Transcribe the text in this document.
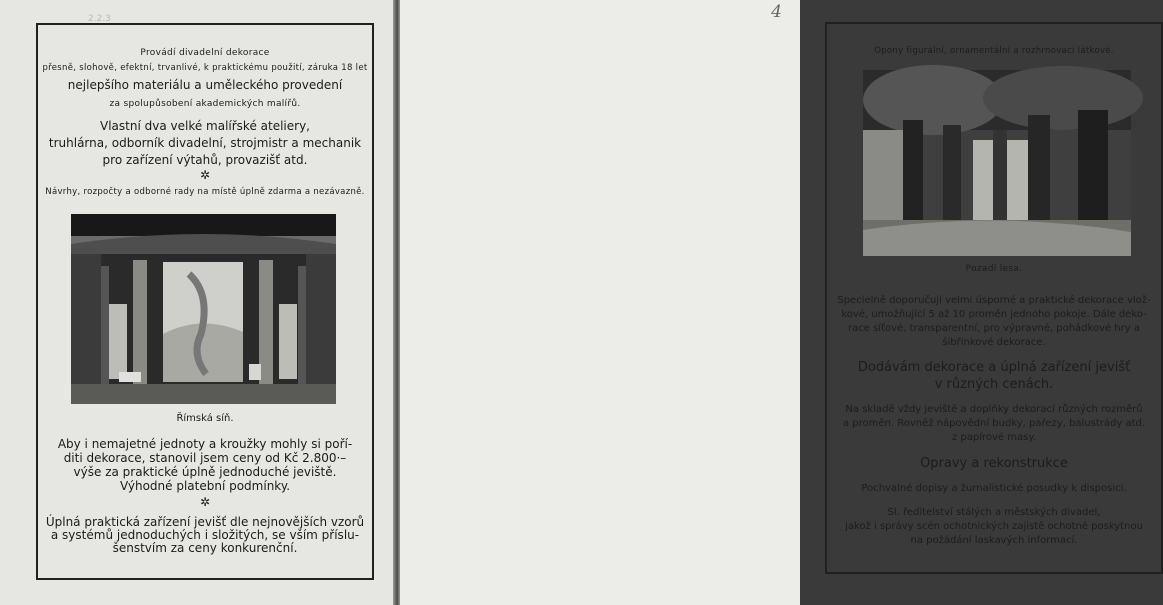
2.2.3
Provádí divadelní dekorace
přesně, slohově, efektní, trvanlivé, k praktickému použití, záruka 18 let
nejlepšího materiálu a uměleckého provedení
za spolupůsobení akademických malířů.
Vlastní dva velké malířské ateliery,
truhlárna, odborník divadelní, strojmistr a mechanik
pro zařízení výtahů, provazišť atd.
✲
Návrhy, rozpočty a odborné rady na místě úplně zdarma a nezávazně.
Římská síň.
Aby i nemajetné jednoty a kroužky mohly si poří-
diti dekorace, stanovil jsem ceny od Kč 2.800·–
výše za praktické úplně jednoduché jeviště.
Výhodné platební podmínky.
✲
Úplná praktická zařízení jevišť dle nejnovějších vzorů
a systémů jednoduchých i složitých, se vším příslu-
šenstvím za ceny konkurenční.
4
Opony figurální, ornamentální a rozhrnovací látkové.
Pozadí lesa.
Specielně doporučuji velmi úsporné a praktické dekorace vlož-
kové, umožňující 5 až 10 proměn jednoho pokoje. Dále deko-
race síťové, transparentní, pro výpravné, pohádkové hry a
šibřinkové dekorace.
Dodávám dekorace a úplná zařízení jevišť
v různých cenách.
Na skladě vždy jeviště a doplňky dekorací různých rozměrů
a proměn. Rovněž nápovědní budky, pařezy, balustrády atd.
z papírové masy.
Opravy a rekonstrukce
Pochvalné dopisy a žurnalistické posudky k disposici.
Sl. ředitelství stálých a městských divadel,
jakož i správy scén ochotnických zajistě ochotně poskytnou
na požádání laskavých informací.
